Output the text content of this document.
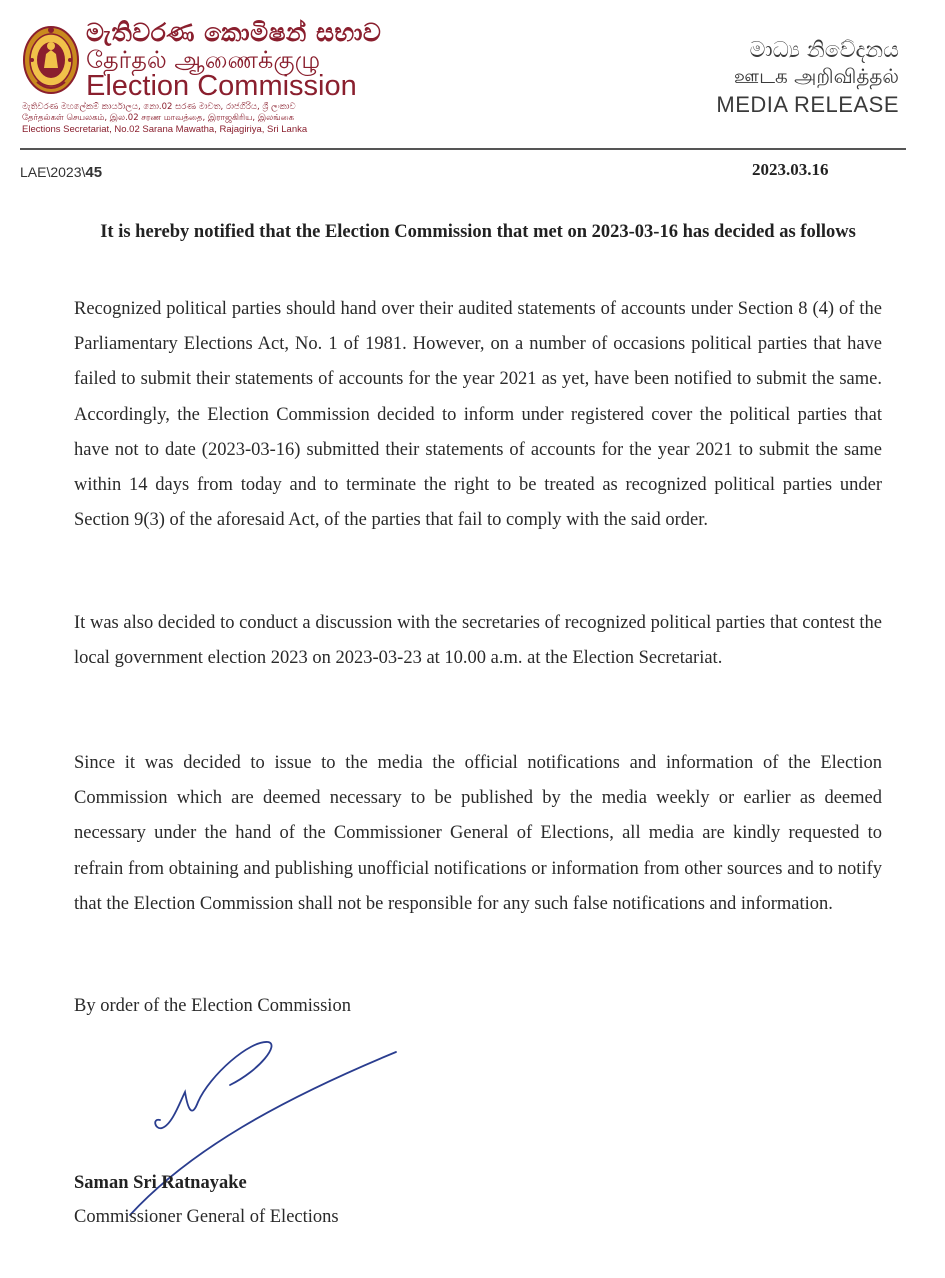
මැතිවරණ කොමිෂන් සභාව
தேர்தல் ஆணைக்குழு
Election Commission
මැතිවරණ මහලේකම් කාර්යාලය, නො.02 සරණ මාවත, රාජගිරිය, ශ්‍රී ලංකාව
தேர்தல்கள் செயலகம், இல.02 சரண மாவத்தை, இராஜகிரிய, இலங்கை
Elections Secretariat, No.02 Sarana Mawatha, Rajagiriya, Sri Lanka
මාධ්‍ය නිවේදනය
ஊடக அறிவித்தல்
MEDIA RELEASE
LAE\2023\45	2023.03.16
It is hereby notified that the Election Commission that met on 2023-03-16 has decided as follows

Recognized political parties should hand over their audited statements of accounts under Section 8 (4) of the Parliamentary Elections Act, No. 1 of 1981. However, on a number of occasions political parties that have failed to submit their statements of accounts for the year 2021 as yet, have been notified to submit the same. Accordingly, the Election Commission decided to inform under registered cover the political parties that have not to date (2023-03-16) submitted their statements of accounts for the year 2021 to submit the same within 14 days from today and to terminate the right to be treated as recognized political parties under Section 9(3) of the aforesaid Act, of the parties that fail to comply with the said order.

It was also decided to conduct a discussion with the secretaries of recognized political parties that contest the local government election 2023 on 2023-03-23 at 10.00 a.m. at the Election Secretariat.

Since it was decided to issue to the media the official notifications and information of the Election Commission which are deemed necessary to be published by the media weekly or earlier as deemed necessary under the hand of the Commissioner General of Elections, all media are kindly requested to refrain from obtaining and publishing unofficial notifications or information from other sources and to notify that the Election Commission shall not be responsible for any such false notifications and information.

By order of the Election Commission
Saman Sri Ratnayake
Commissioner General of Elections
